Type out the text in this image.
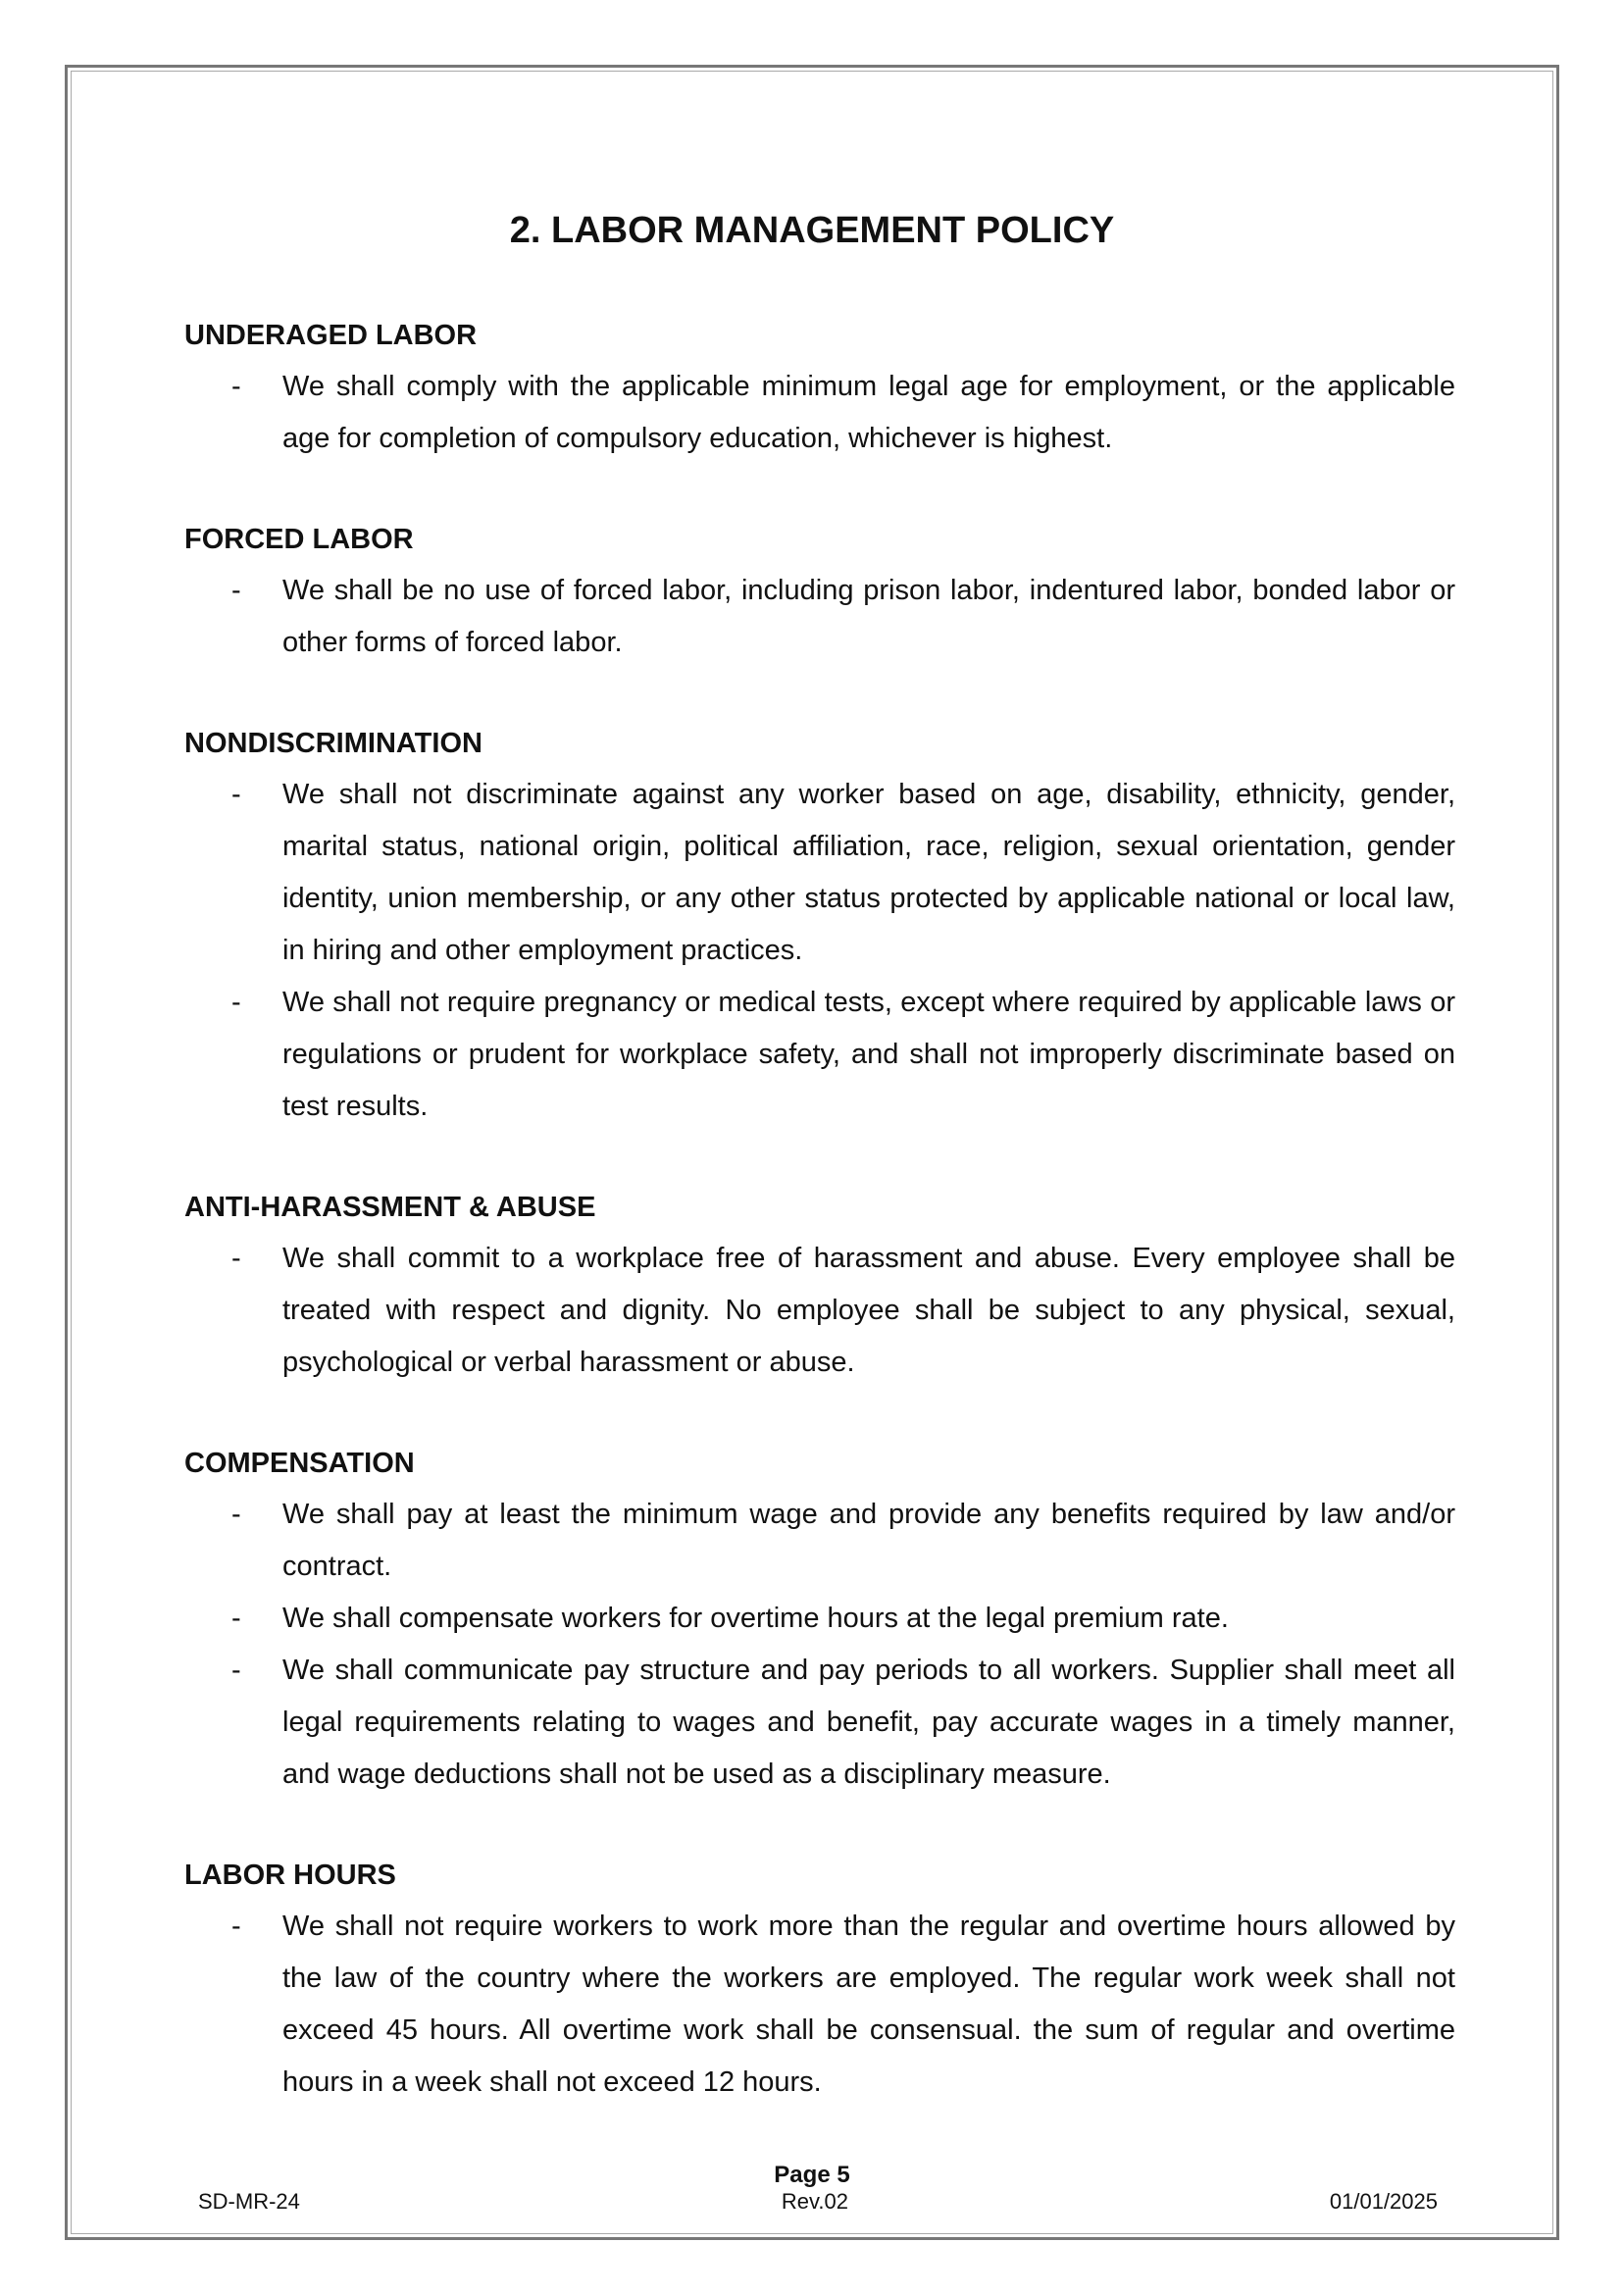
2. LABOR MANAGEMENT POLICY
UNDERAGED LABOR
- We shall comply with the applicable minimum legal age for employment, or the applicable age for completion of compulsory education, whichever is highest.
FORCED LABOR
- We shall be no use of forced labor, including prison labor, indentured labor, bonded labor or other forms of forced labor.
NONDISCRIMINATION
- We shall not discriminate against any worker based on age, disability, ethnicity, gender, marital status, national origin, political affiliation, race, religion, sexual orientation, gender identity, union membership, or any other status protected by applicable national or local law, in hiring and other employment practices.
- We shall not require pregnancy or medical tests, except where required by applicable laws or regulations or prudent for workplace safety, and shall not improperly discriminate based on test results.
ANTI-HARASSMENT & ABUSE
- We shall commit to a workplace free of harassment and abuse. Every employee shall be treated with respect and dignity. No employee shall be subject to any physical, sexual, psychological or verbal harassment or abuse.
COMPENSATION
- We shall pay at least the minimum wage and provide any benefits required by law and/or contract.
- We shall compensate workers for overtime hours at the legal premium rate.
- We shall communicate pay structure and pay periods to all workers. Supplier shall meet all legal requirements relating to wages and benefit, pay accurate wages in a timely manner, and wage deductions shall not be used as a disciplinary measure.
LABOR HOURS
- We shall not require workers to work more than the regular and overtime hours allowed by the law of the country where the workers are employed. The regular work week shall not exceed 45 hours. All overtime work shall be consensual. the sum of regular and overtime hours in a week shall not exceed 12 hours.
Page 5
SD-MR-24	Rev.02	01/01/2025
